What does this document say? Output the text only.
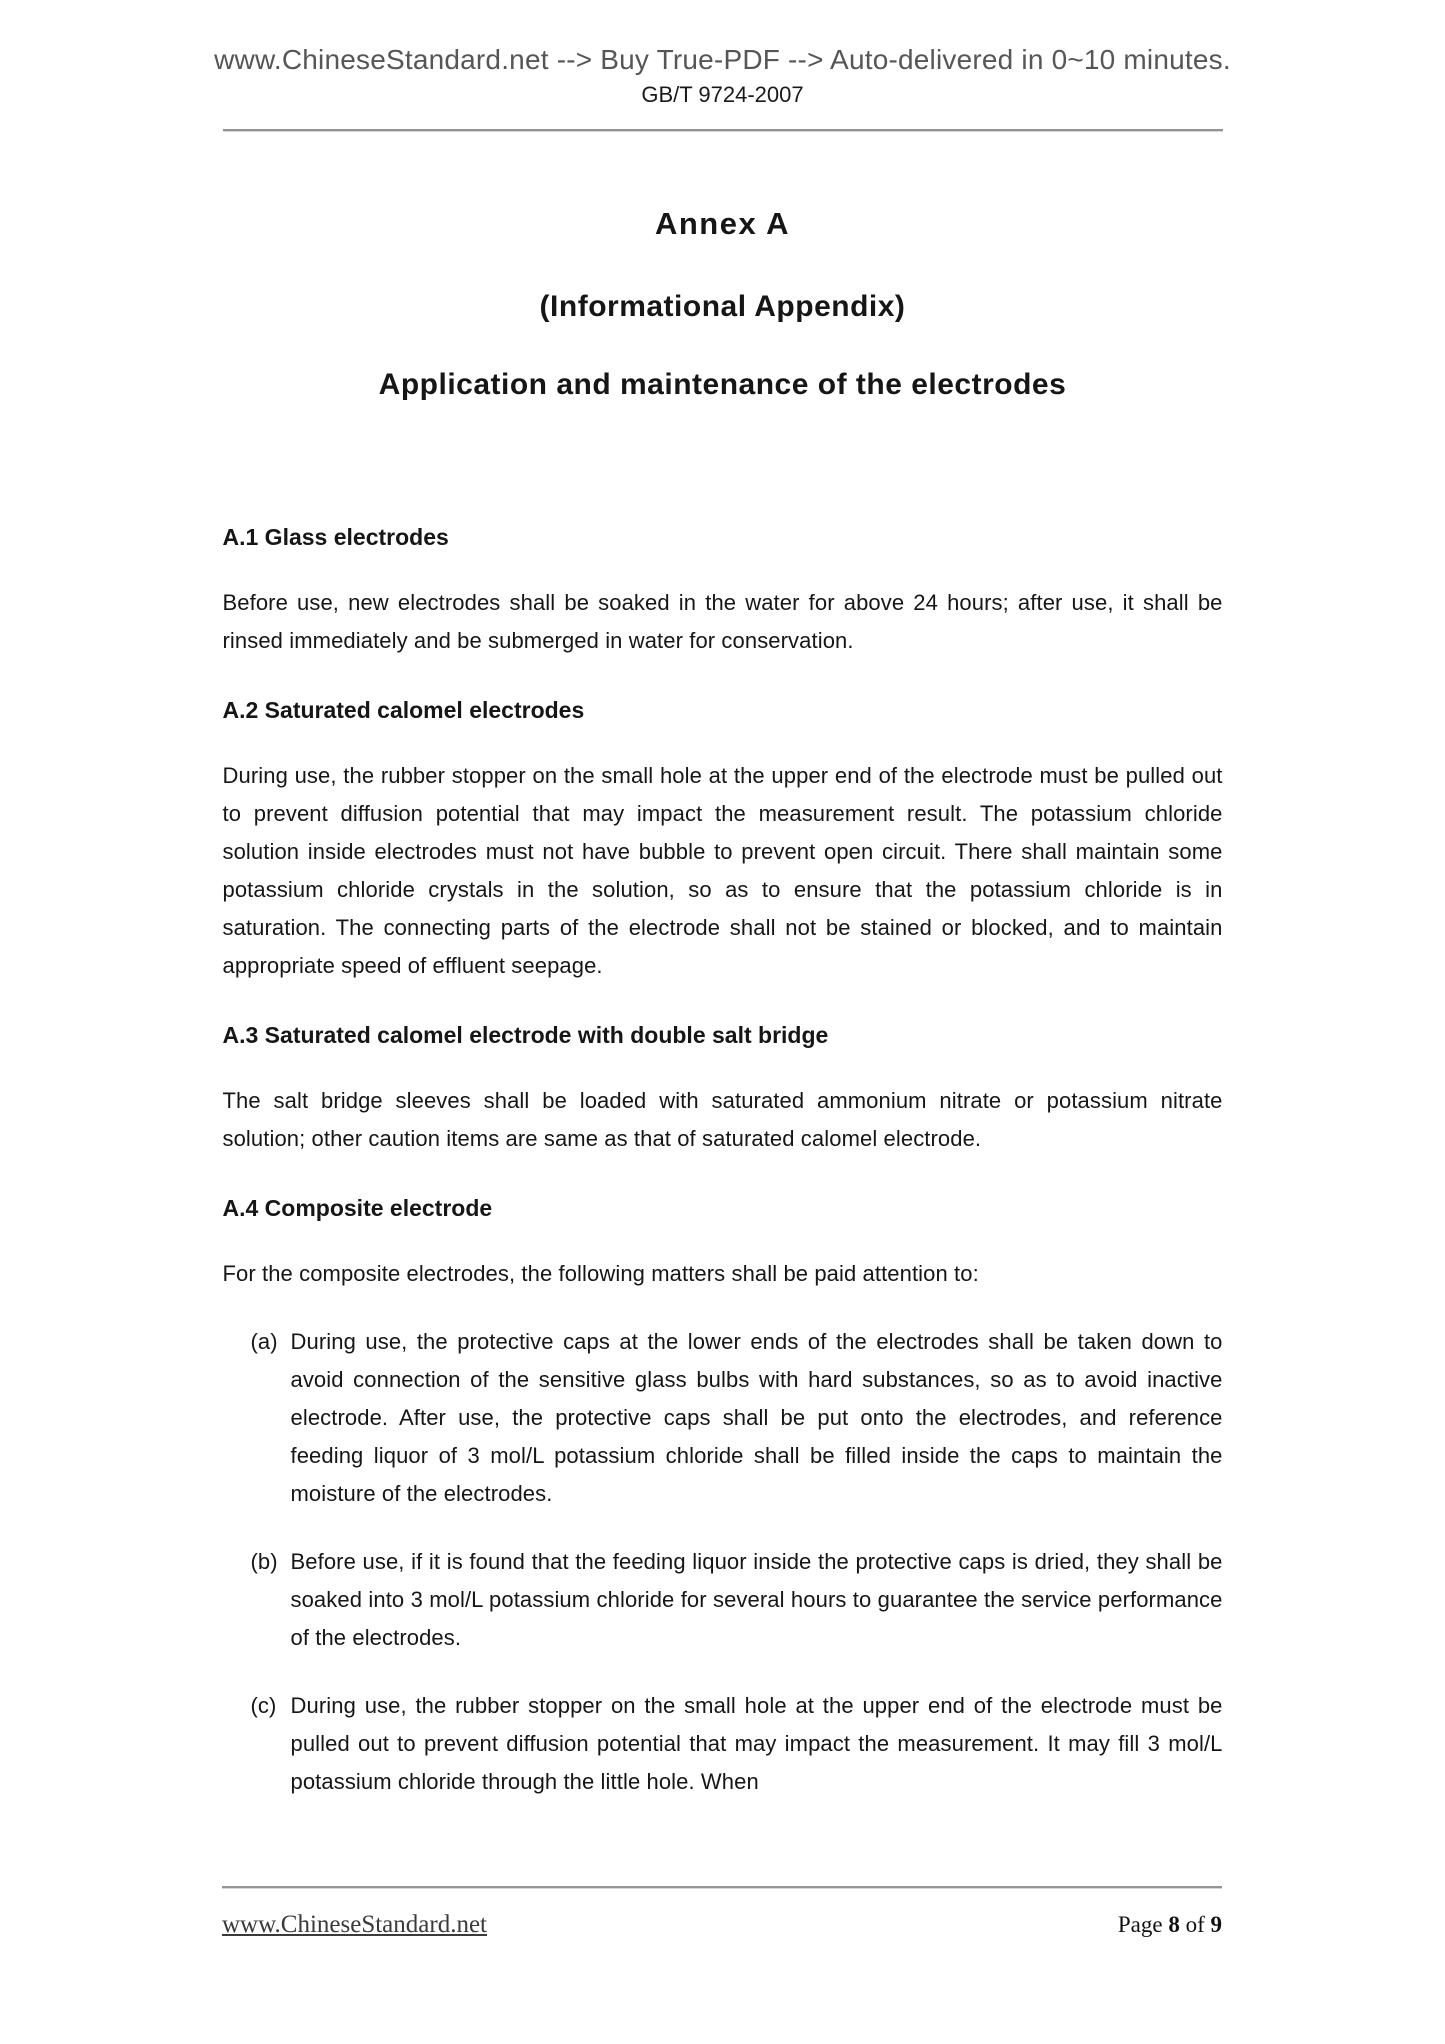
www.ChineseStandard.net --> Buy True-PDF --> Auto-delivered in 0~10 minutes.
GB/T 9724-2007
Annex A
(Informational Appendix)
Application and maintenance of the electrodes
A.1 Glass electrodes

Before use, new electrodes shall be soaked in the water for above 24 hours; after use, it shall be rinsed immediately and be submerged in water for conservation.

A.2 Saturated calomel electrodes

During use, the rubber stopper on the small hole at the upper end of the electrode must be pulled out to prevent diffusion potential that may impact the measurement result. The potassium chloride solution inside electrodes must not have bubble to prevent open circuit. There shall maintain some potassium chloride crystals in the solution, so as to ensure that the potassium chloride is in saturation. The connecting parts of the electrode shall not be stained or blocked, and to maintain appropriate speed of effluent seepage.

A.3 Saturated calomel electrode with double salt bridge

The salt bridge sleeves shall be loaded with saturated ammonium nitrate or potassium nitrate solution; other caution items are same as that of saturated calomel electrode.

A.4 Composite electrode

For the composite electrodes, the following matters shall be paid attention to:

(a) During use, the protective caps at the lower ends of the electrodes shall be taken down to avoid connection of the sensitive glass bulbs with hard substances, so as to avoid inactive electrode. After use, the protective caps shall be put onto the electrodes, and reference feeding liquor of 3 mol/L potassium chloride shall be filled inside the caps to maintain the moisture of the electrodes.
(b) Before use, if it is found that the feeding liquor inside the protective caps is dried, they shall be soaked into 3 mol/L potassium chloride for several hours to guarantee the service performance of the electrodes.
(c) During use, the rubber stopper on the small hole at the upper end of the electrode must be pulled out to prevent diffusion potential that may impact the measurement. It may fill 3 mol/L potassium chloride through the little hole. When
www.ChineseStandard.net	Page 8 of 9
